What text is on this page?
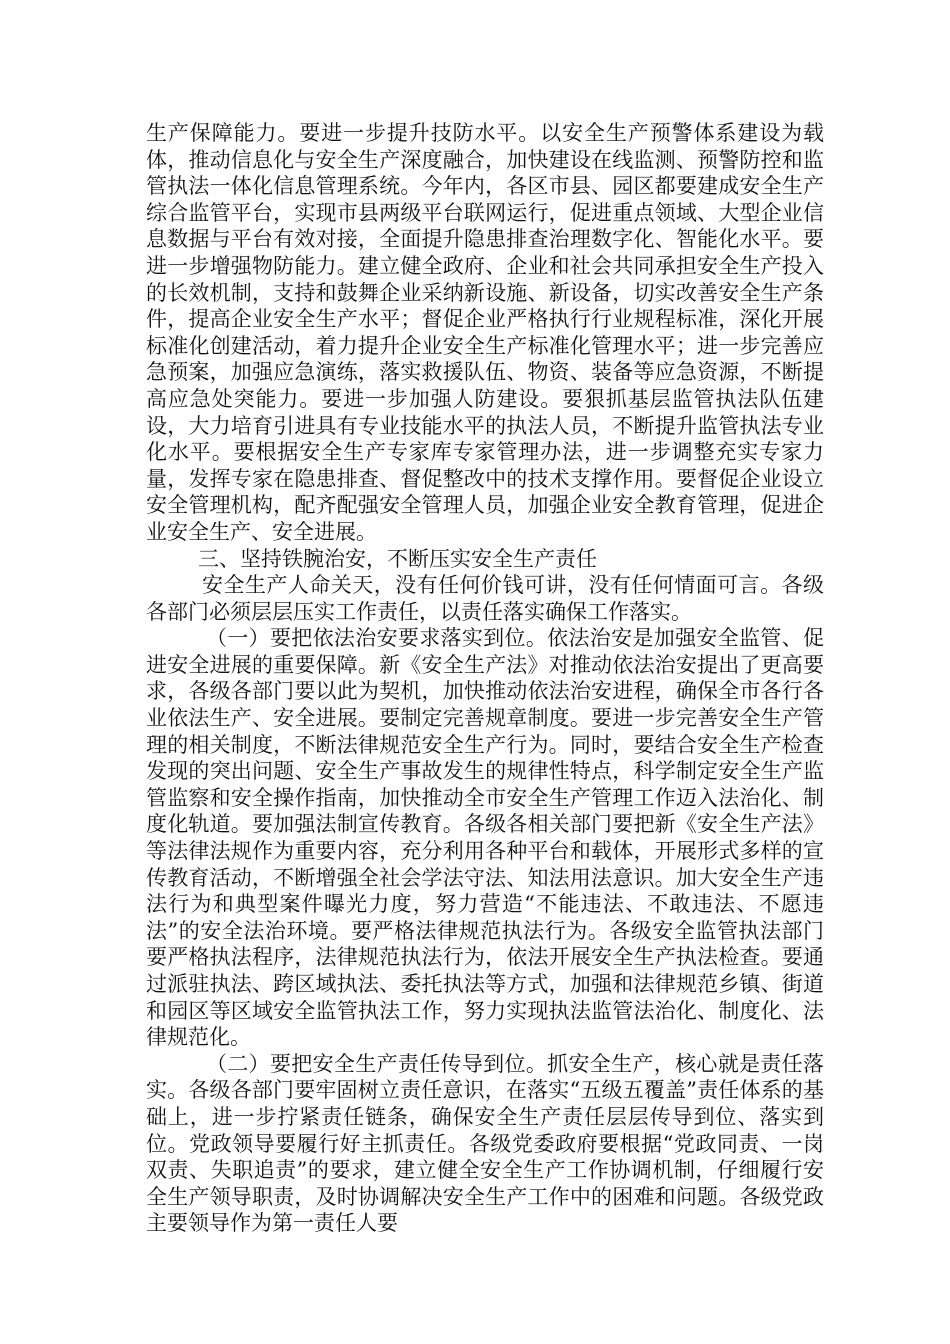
生产保障能力。要进一步提升技防水平。以安全生产预警体系建设为载体，推动信息化与安全生产深度融合，加快建设在线监测、预警防控和监管执法一体化信息管理系统。今年内，各区市县、园区都要建成安全生产综合监管平台，实现市县两级平台联网运行，促进重点领域、大型企业信息数据与平台有效对接，全面提升隐患排查治理数字化、智能化水平。要进一步增强物防能力。建立健全政府、企业和社会共同承担安全生产投入的长效机制，支持和鼓舞企业采纳新设施、新设备，切实改善安全生产条件，提高企业安全生产水平；督促企业严格执行行业规程标准，深化开展标准化创建活动，着力提升企业安全生产标准化管理水平；进一步完善应急预案，加强应急演练，落实救援队伍、物资、装备等应急资源，不断提高应急处突能力。要进一步加强人防建设。要狠抓基层监管执法队伍建设，大力培育引进具有专业技能水平的执法人员，不断提升监管执法专业化水平。要根据安全生产专家库专家管理办法，进一步调整充实专家力量，发挥专家在隐患排查、督促整改中的技术支撑作用。要督促企业设立安全管理机构，配齐配强安全管理人员，加强企业安全教育管理，促进企业安全生产、安全进展。

三、坚持铁腕治安，不断压实安全生产责任

安全生产人命关天，没有任何价钱可讲，没有任何情面可言。各级各部门必须层层压实工作责任，以责任落实确保工作落实。

（一）要把依法治安要求落实到位。依法治安是加强安全监管、促进安全进展的重要保障。新《安全生产法》对推动依法治安提出了更高要求，各级各部门要以此为契机，加快推动依法治安进程，确保全市各行各业依法生产、安全进展。要制定完善规章制度。要进一步完善安全生产管理的相关制度，不断法律规范安全生产行为。同时，要结合安全生产检查发现的突出问题、安全生产事故发生的规律性特点，科学制定安全生产监管监察和安全操作指南，加快推动全市安全生产管理工作迈入法治化、制度化轨道。要加强法制宣传教育。各级各相关部门要把新《安全生产法》等法律法规作为重要内容，充分利用各种平台和载体，开展形式多样的宣传教育活动，不断增强全社会学法守法、知法用法意识。加大安全生产违法行为和典型案件曝光力度，努力营造“不能违法、不敢违法、不愿违法”的安全法治环境。要严格法律规范执法行为。各级安全监管执法部门要严格执法程序，法律规范执法行为，依法开展安全生产执法检查。要通过派驻执法、跨区域执法、委托执法等方式，加强和法律规范乡镇、街道和园区等区域安全监管执法工作，努力实现执法监管法治化、制度化、法律规范化。

（二）要把安全生产责任传导到位。抓安全生产，核心就是责任落实。各级各部门要牢固树立责任意识，在落实“五级五覆盖”责任体系的基础上，进一步拧紧责任链条，确保安全生产责任层层传导到位、落实到位。党政领导要履行好主抓责任。各级党委政府要根据“党政同责、一岗双责、失职追责”的要求，建立健全安全生产工作协调机制，仔细履行安全生产领导职责，及时协调解决安全生产工作中的困难和问题。各级党政主要领导作为第一责任人要
